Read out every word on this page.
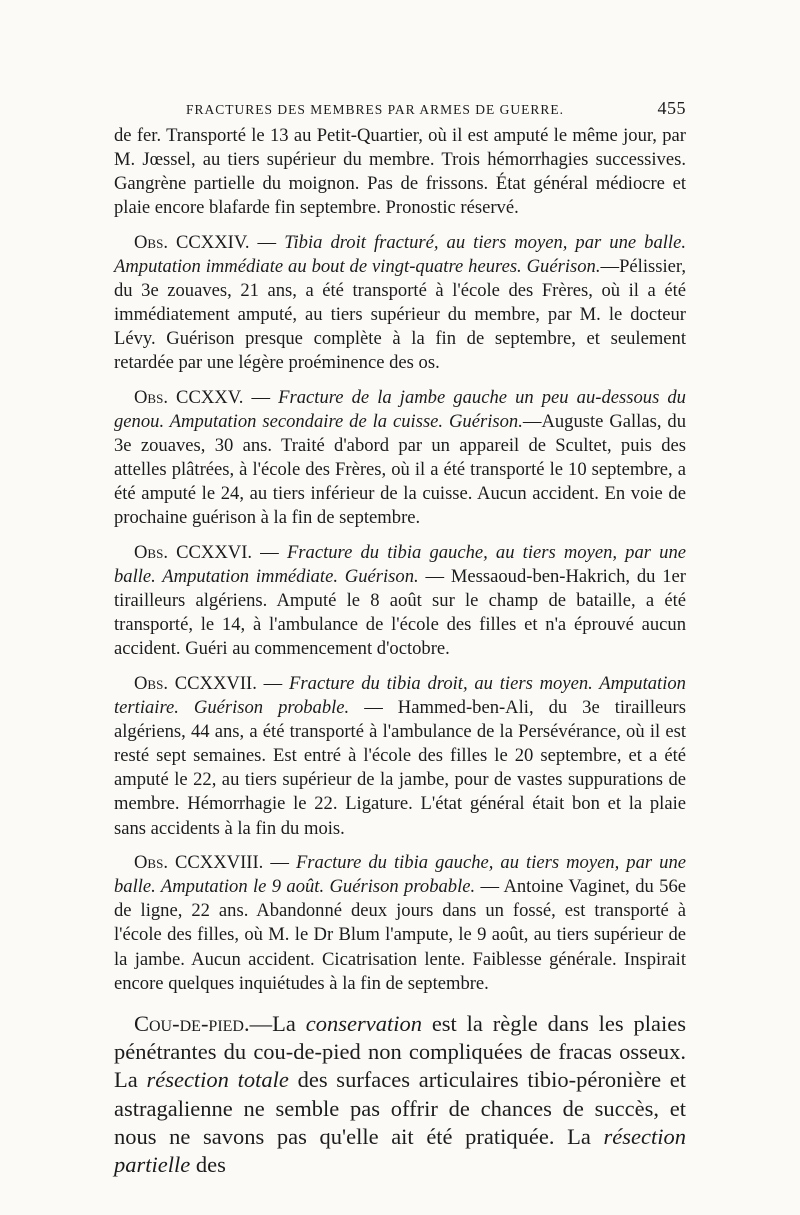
FRACTURES DES MEMBRES PAR ARMES DE GUERRE.	455

de fer. Transporté le 13 au Petit-Quartier, où il est amputé le même jour, par M. Jœssel, au tiers supérieur du membre. Trois hémorrhagies successives. Gangrène partielle du moignon. Pas de frissons. État général médiocre et plaie encore blafarde fin septembre. Pronostic réservé.

Obs. CCXXIV. — Tibia droit fracturé, au tiers moyen, par une balle. Amputation immédiate au bout de vingt-quatre heures. Guérison.—Pélissier, du 3e zouaves, 21 ans, a été transporté à l'école des Frères, où il a été immédiatement amputé, au tiers supérieur du membre, par M. le docteur Lévy. Guérison presque complète à la fin de septembre, et seulement retardée par une légère proéminence des os.

Obs. CCXXV. — Fracture de la jambe gauche un peu au-dessous du genou. Amputation secondaire de la cuisse. Guérison.—Auguste Gallas, du 3e zouaves, 30 ans. Traité d'abord par un appareil de Scultet, puis des attelles plâtrées, à l'école des Frères, où il a été transporté le 10 septembre, a été amputé le 24, au tiers inférieur de la cuisse. Aucun accident. En voie de prochaine guérison à la fin de septembre.

Obs. CCXXVI. — Fracture du tibia gauche, au tiers moyen, par une balle. Amputation immédiate. Guérison. — Messaoud-ben-Hakrich, du 1er tirailleurs algériens. Amputé le 8 août sur le champ de bataille, a été transporté, le 14, à l'ambulance de l'école des filles et n'a éprouvé aucun accident. Guéri au commencement d'octobre.

Obs. CCXXVII. — Fracture du tibia droit, au tiers moyen. Amputation tertiaire. Guérison probable. — Hammed-ben-Ali, du 3e tirailleurs algériens, 44 ans, a été transporté à l'ambulance de la Persévérance, où il est resté sept semaines. Est entré à l'école des filles le 20 septembre, et a été amputé le 22, au tiers supérieur de la jambe, pour de vastes suppurations de membre. Hémorrhagie le 22. Ligature. L'état général était bon et la plaie sans accidents à la fin du mois.

Obs. CCXXVIII. — Fracture du tibia gauche, au tiers moyen, par une balle. Amputation le 9 août. Guérison probable. — Antoine Vaginet, du 56e de ligne, 22 ans. Abandonné deux jours dans un fossé, est transporté à l'école des filles, où M. le Dr Blum l'ampute, le 9 août, au tiers supérieur de la jambe. Aucun accident. Cicatrisation lente. Faiblesse générale. Inspirait encore quelques inquiétudes à la fin de septembre.

Cou-de-pied.—La conservation est la règle dans les plaies pénétrantes du cou-de-pied non compliquées de fracas osseux. La résection totale des surfaces articulaires tibio-péronière et astragalienne ne semble pas offrir de chances de succès, et nous ne savons pas qu'elle ait été pratiquée. La résection partielle des
